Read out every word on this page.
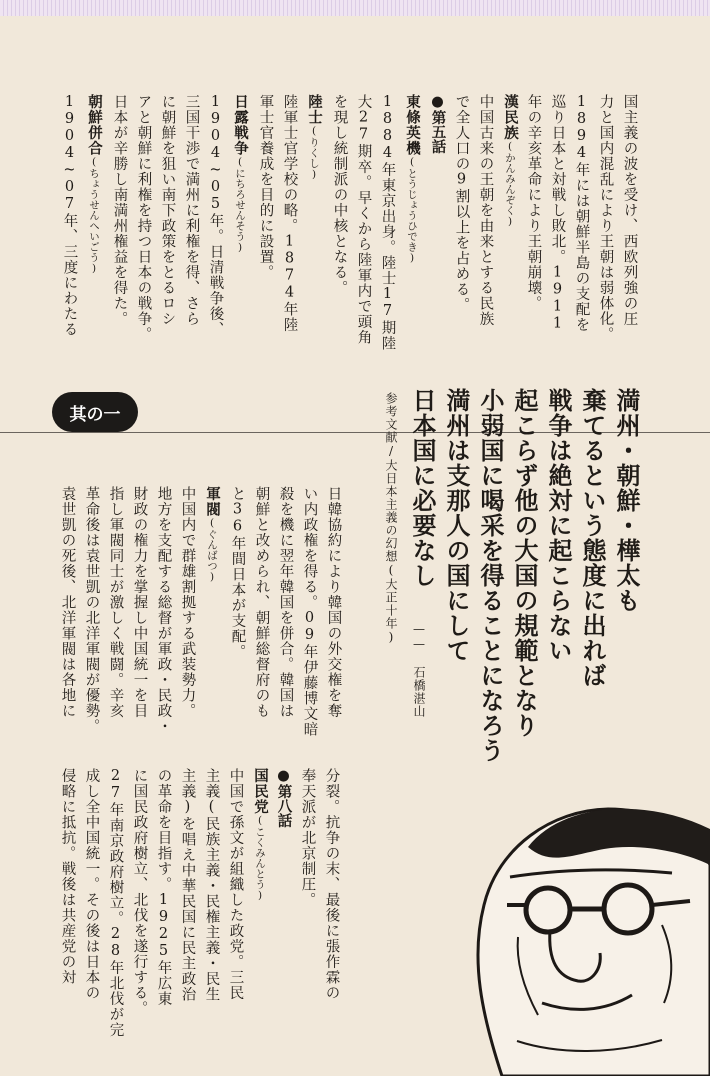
国主義の波を受け、西欧列強の圧
力と国内混乱により王朝は弱体化。
1894年には朝鮮半島の支配を
巡り日本と対戦し敗北。1911
年の辛亥革命により王朝崩壊。
漢民族(かんみんぞく)
中国古来の王朝を由来とする民族
で全人口の9割以上を占める。
●第五話
東條英機(とうじょうひでき)
1884年東京出身。陸士17期陸
大27期卒。早くから陸軍内で頭角
を現し統制派の中核となる。
陸士(りくし)
陸軍士官学校の略。1874年陸
軍士官養成を目的に設置。
日露戦争(にちろせんそう)
1904~05年。日清戦争後、
三国干渉で満州に利権を得、さら
に朝鮮を狙い南下政策をとるロシ
アと朝鮮に利権を持つ日本の戦争。
日本が辛勝し南満州権益を得た。
朝鮮併合(ちょうせんへいごう)
1904~07年、三度にわたる
日韓協約により韓国の外交権を奪
い内政権を得る。09年伊藤博文暗
殺を機に翌年韓国を併合。韓国は
朝鮮と改められ、朝鮮総督府のも
と36年間日本が支配。
軍閥(ぐんばつ)
中国内で群雄割拠する武装勢力。
地方を支配する総督が軍政・民政・
財政の権力を掌握し中国統一を目
指し軍閥同士が激しく戦闘。辛亥
革命後は袁世凱の北洋軍閥が優勢。
袁世凱の死後、北洋軍閥は各地に
分裂。抗争の末、最後に張作霖の
奉天派が北京制圧。
●第八話
国民党(こくみんとう)
中国で孫文が組織した政党。三民
主義(民族主義・民権主義・民生
主義)を唱え中華民国に民主政治
の革命を目指す。1925年広東
に国民政府樹立、北伐を遂行する。
27年南京政府樹立。28年北伐が完
成し全中国統一。その後は日本の
侵略に抵抗。戦後は共産党の対
其の一	満州・朝鮮・樺太も
棄てるという態度に出れば
戦争は絶対に起こらない
起こらず他の大国の規範となり
小弱国に喝采を得ることになろう
満州は支那人の国にして
日本国に必要なし
——
石橋湛山
参考文献/大日本主義の幻想(大正十年)
